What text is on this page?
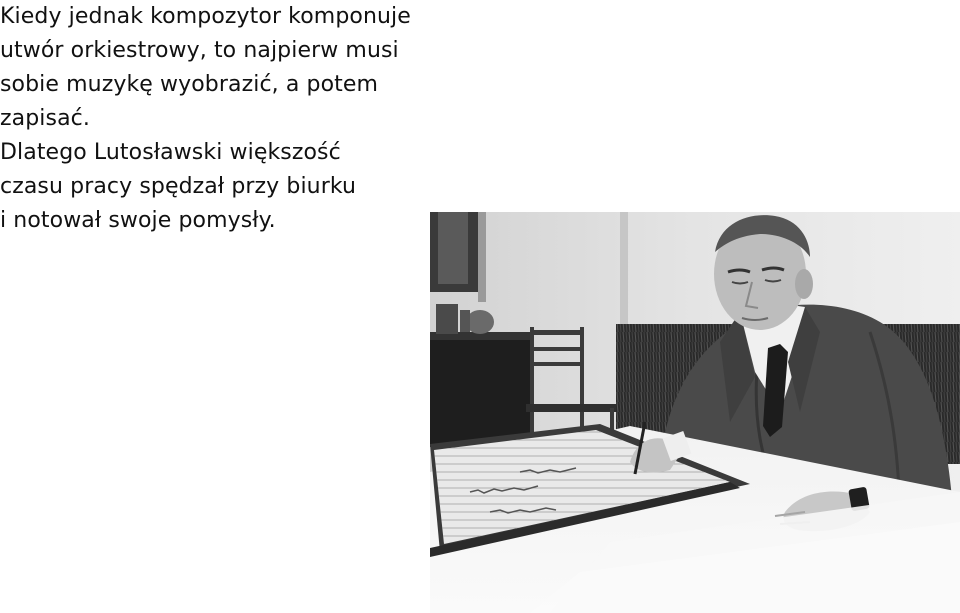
Kiedy jednak kompozytor komponuje
utwór orkiestrowy, to najpierw musi
sobie muzykę wyobrazić, a potem
zapisać.

Dlatego Lutosławski większość
czasu pracy spędzał przy biurku
i notował swoje pomysły.
